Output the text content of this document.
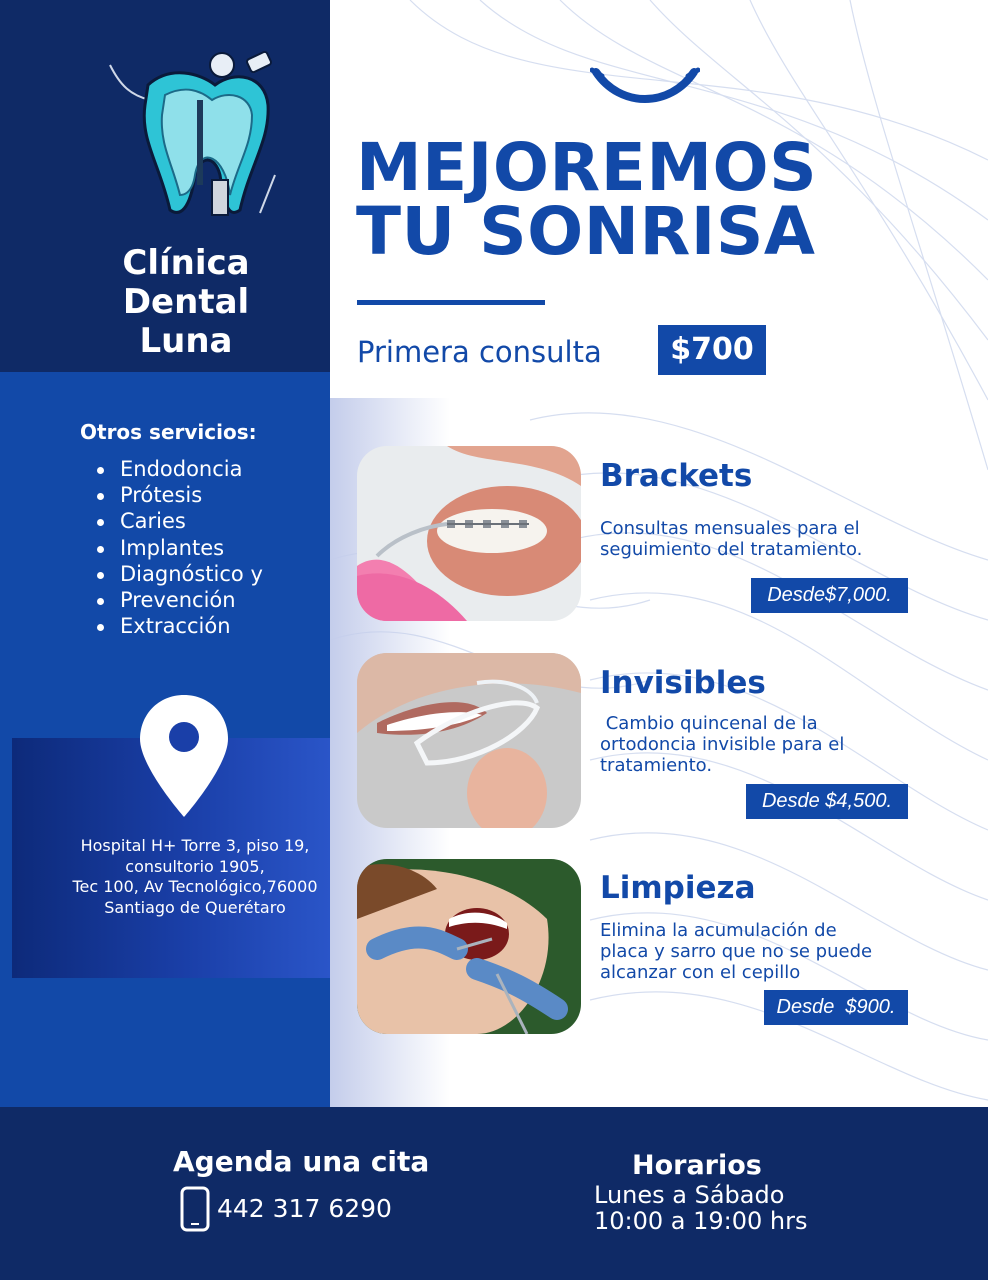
Clínica
Dental
Luna
Otros servicios:
Endodoncia
Prótesis
Caries
Implantes
Diagnóstico y
Prevención
Extracción
Hospital H+ Torre 3, piso 19,
consultorio 1905,
Tec 100, Av Tecnológico,76000
Santiago de Querétaro
MEJOREMOS
TU SONRISA
Primera consulta	$700
Brackets
Consultas mensuales para el
seguimiento del tratamiento.
Desde$7,000.
Invisibles
Cambio quincenal de la
ortodoncia invisible para el
tratamiento.
Desde $4,500.
Limpieza
Elimina la acumulación de
placa y sarro que no se puede
alcanzar con el cepillo
Desde  $900.
Agenda una cita
442 317 6290
Horarios
Lunes a Sábado
10:00 a 19:00 hrs
